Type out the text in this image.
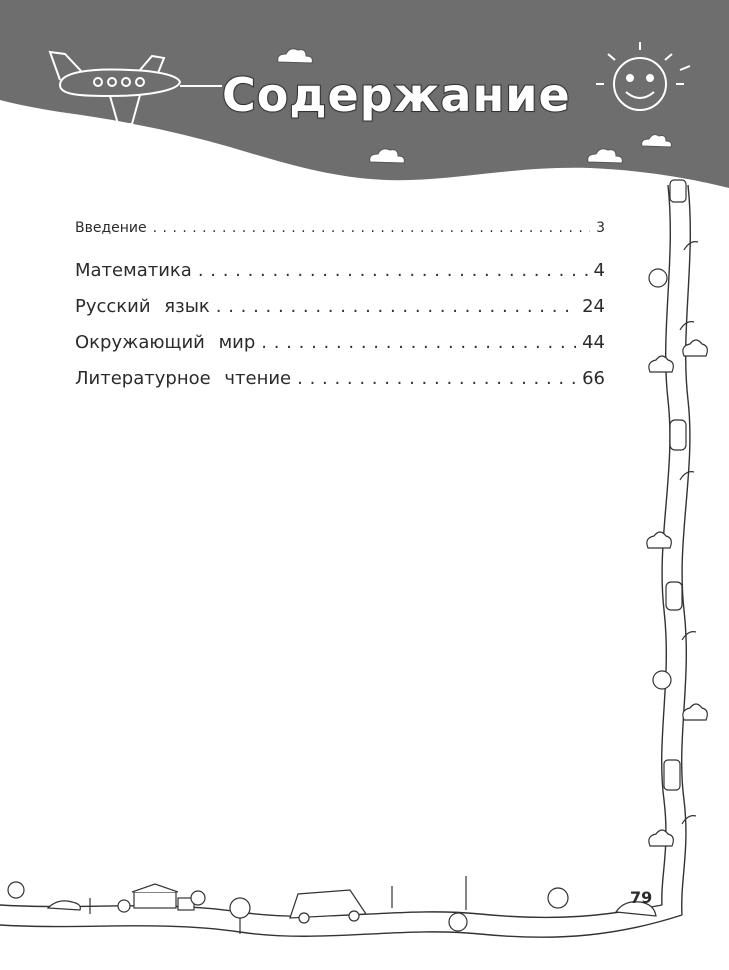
Содержание
Введение . . .	3
Математика . . .	4
Русский язык . . .	24
Окружающий мир . . .	44
Литературное чтение . . .	66
79
